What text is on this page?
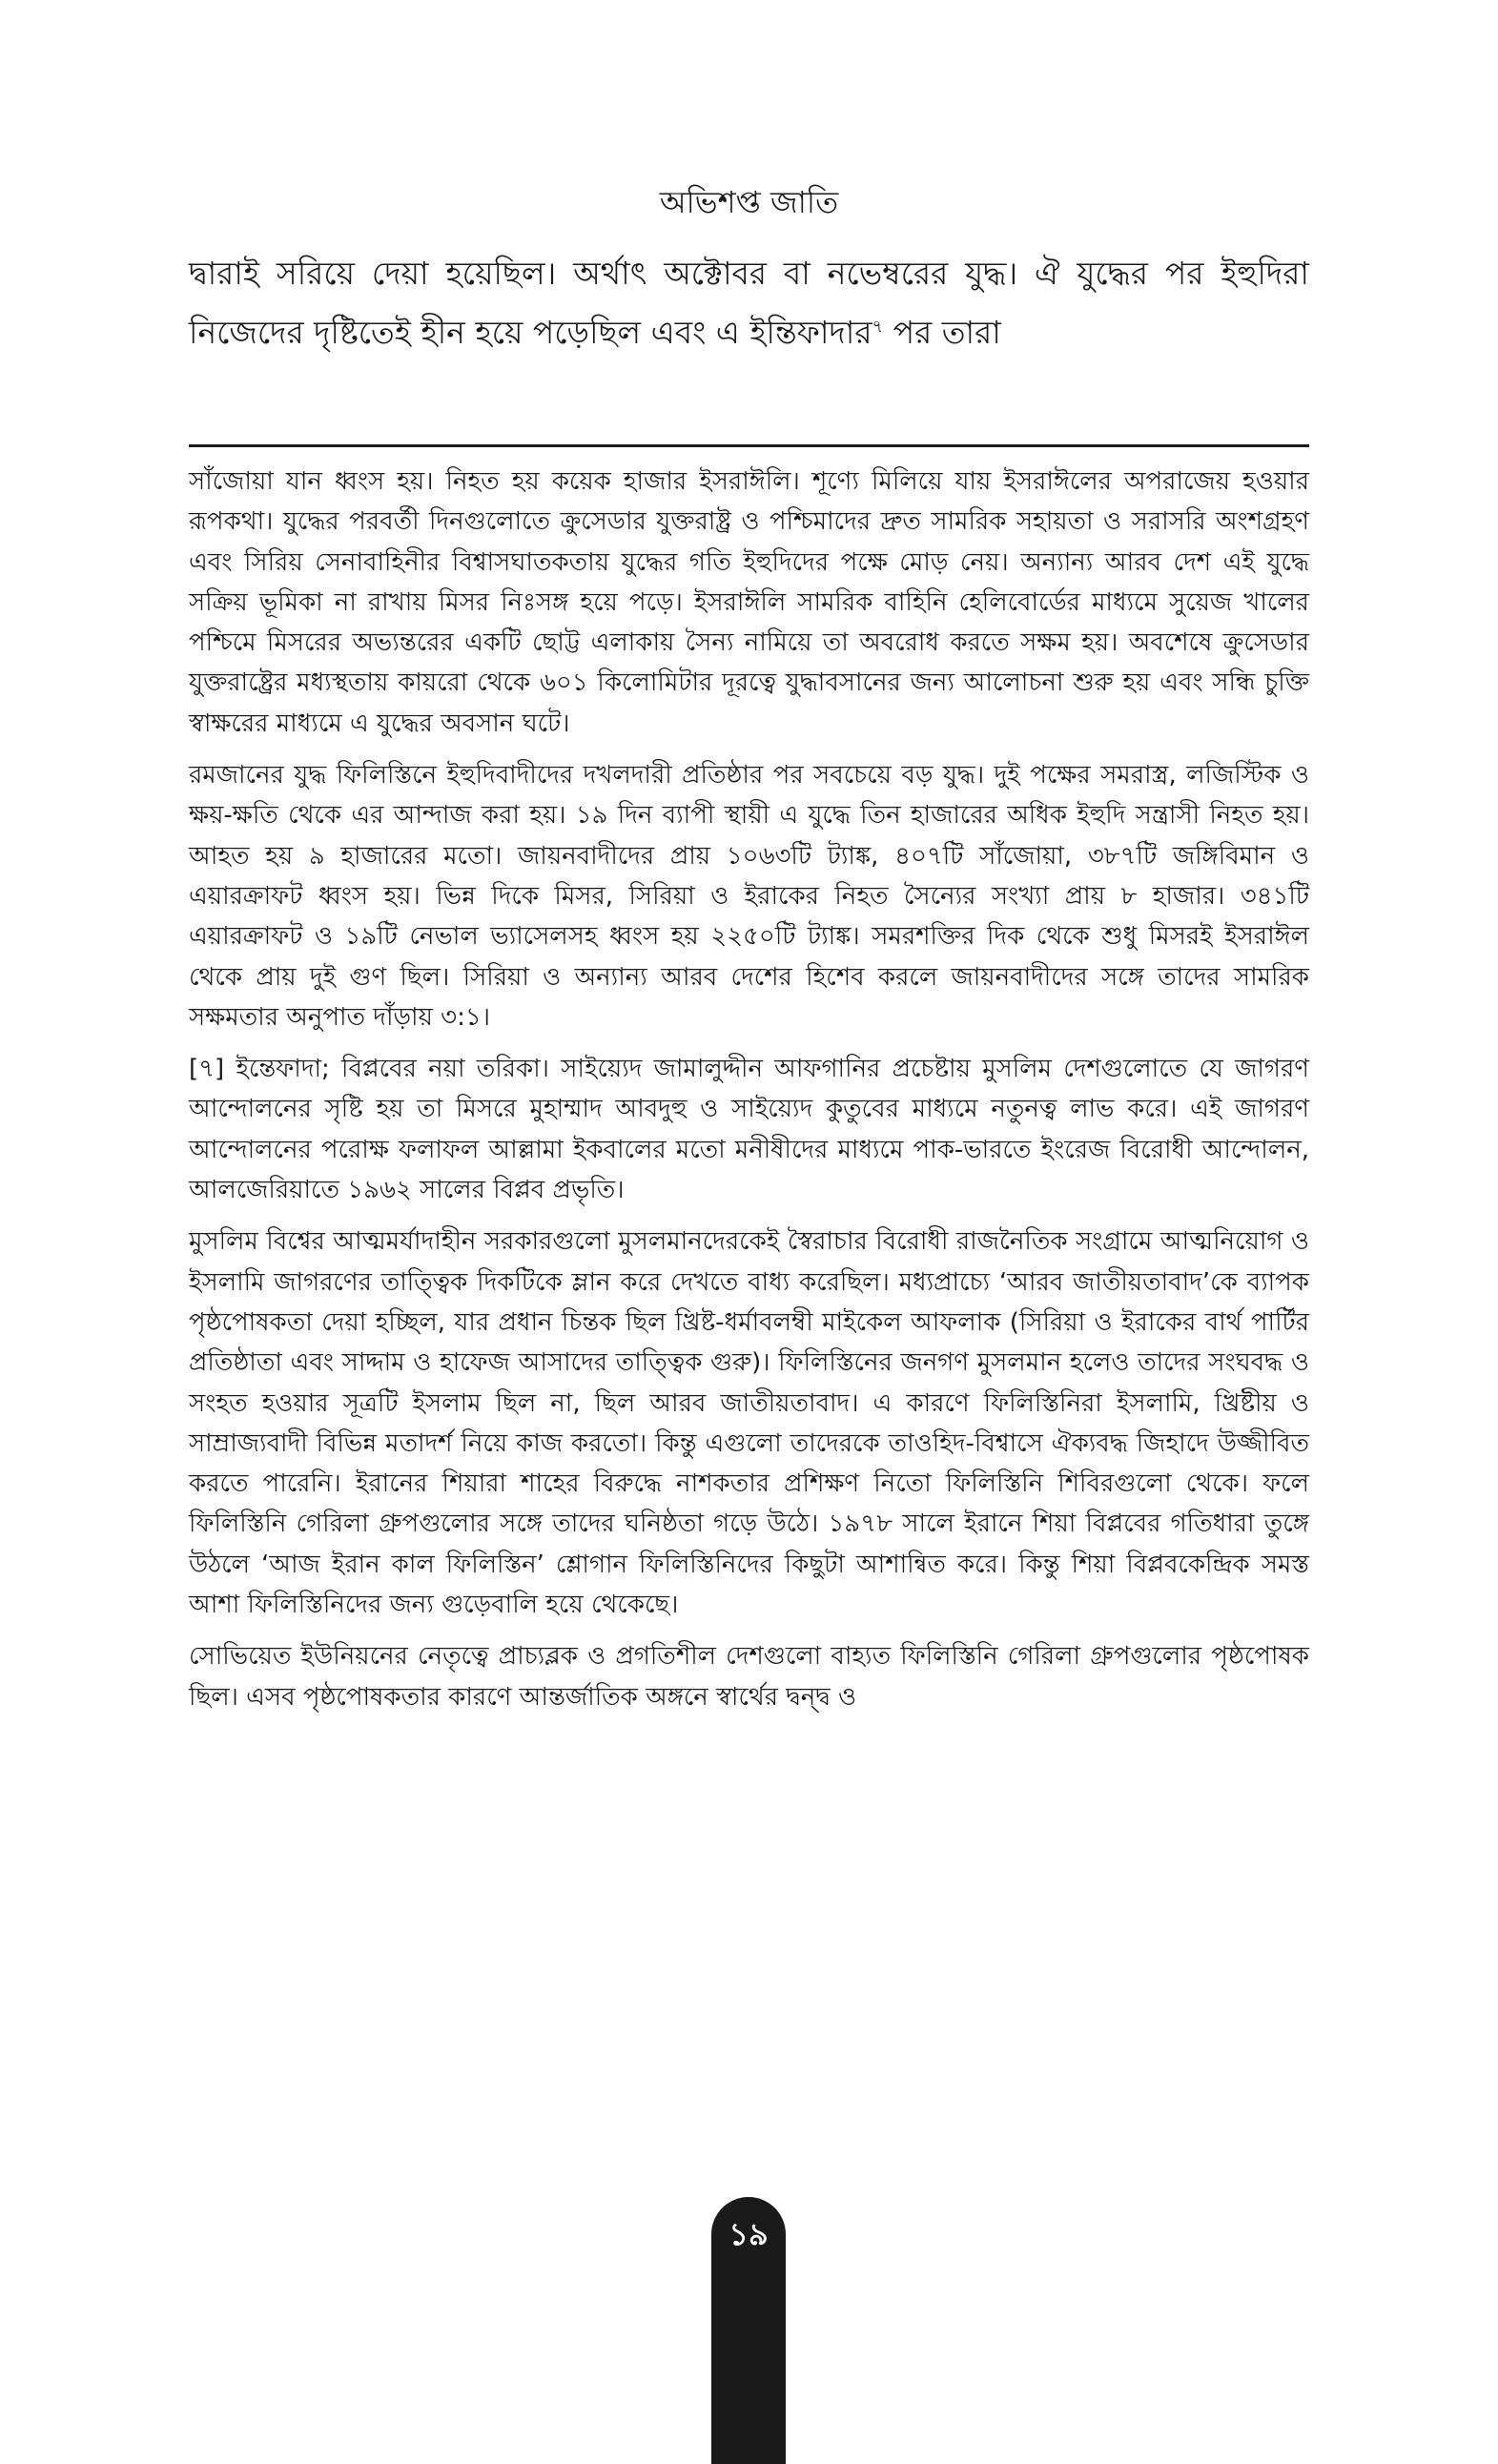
অভিশপ্ত জাতি

দ্বারাই সরিয়ে দেয়া হয়েছিল। অর্থাৎ অক্টোবর বা নভেম্বরের যুদ্ধ। ঐ যুদ্ধের পর ইহুদিরা নিজেদের দৃষ্টিতেই হীন হয়ে পড়েছিল এবং এ ইন্তিফাদার$^৭$ পর তারা

সাঁজোয়া যান ধ্বংস হয়। নিহত হয় কয়েক হাজার ইসরাঈলি। শূণ্যে মিলিয়ে যায় ইসরাঈলের অপরাজেয় হওয়ার রূপকথা। যুদ্ধের পরবর্তী দিনগুলোতে ক্রুসেডার যুক্তরাষ্ট্র ও পশ্চিমাদের দ্রুত সামরিক সহায়তা ও সরাসরি অংশগ্রহণ এবং সিরিয় সেনাবাহিনীর বিশ্বাসঘাতকতায় যুদ্ধের গতি ইহুদিদের পক্ষে মোড় নেয়। অন্যান্য আরব দেশ এই যুদ্ধে সক্রিয় ভূমিকা না রাখায় মিসর নিঃসঙ্গ হয়ে পড়ে। ইসরাঈলি সামরিক বাহিনি হেলিবোর্ডের মাধ্যমে সুয়েজ খালের পশ্চিমে মিসরের অভ্যন্তরের একটি ছোট্ট এলাকায় সৈন্য নামিয়ে তা অবরোধ করতে সক্ষম হয়। অবশেষে ক্রুসেডার যুক্তরাষ্ট্রের মধ্যস্থতায় কায়রো থেকে ৬০১ কিলোমিটার দূরত্বে যুদ্ধাবসানের জন্য আলোচনা শুরু হয় এবং সন্ধি চুক্তি স্বাক্ষরের মাধ্যমে এ যুদ্ধের অবসান ঘটে।

রমজানের যুদ্ধ ফিলিস্তিনে ইহুদিবাদীদের দখলদারী প্রতিষ্ঠার পর সবচেয়ে বড় যুদ্ধ। দুই পক্ষের সমরাস্ত্র, লজিস্টিক ও ক্ষয়-ক্ষতি থেকে এর আন্দাজ করা হয়। ১৯ দিন ব্যাপী স্থায়ী এ যুদ্ধে তিন হাজারের অধিক ইহুদি সন্ত্রাসী নিহত হয়। আহত হয় ৯ হাজারের মতো। জায়নবাদীদের প্রায় ১০৬৩টি ট্যাঙ্ক, ৪০৭টি সাঁজোয়া, ৩৮৭টি জঙ্গিবিমান ও এয়ারক্রাফট ধ্বংস হয়। ভিন্ন দিকে মিসর, সিরিয়া ও ইরাকের নিহত সৈন্যের সংখ্যা প্রায় ৮ হাজার। ৩৪১টি এয়ারক্রাফট ও ১৯টি নেভাল ভ্যাসেলসহ ধ্বংস হয় ২২৫০টি ট্যাঙ্ক। সমরশক্তির দিক থেকে শুধু মিসরই ইসরাঈল থেকে প্রায় দুই গুণ ছিল। সিরিয়া ও অন্যান্য আরব দেশের হিশেব করলে জায়নবাদীদের সঙ্গে তাদের সামরিক সক্ষমতার অনুপাত দাঁড়ায় ৩:১।

[৭] ইন্তেফাদা; বিপ্লবের নয়া তরিকা। সাইয়্যেদ জামালুদ্দীন আফগানির প্রচেষ্টায় মুসলিম দেশগুলোতে যে জাগরণ আন্দোলনের সৃষ্টি হয় তা মিসরে মুহাম্মাদ আবদুহু ও সাইয়্যেদ কুতুবের মাধ্যমে নতুনত্ব লাভ করে। এই জাগরণ আন্দোলনের পরোক্ষ ফলাফল আল্লামা ইকবালের মতো মনীষীদের মাধ্যমে পাক-ভারতে ইংরেজ বিরোধী আন্দোলন, আলজেরিয়াতে ১৯৬২ সালের বিপ্লব প্রভৃতি।

মুসলিম বিশ্বের আত্মমর্যাদাহীন সরকারগুলো মুসলমানদেরকেই স্বৈরাচার বিরোধী রাজনৈতিক সংগ্রামে আত্মনিয়োগ ও ইসলামি জাগরণের তাত্ত্বিক দিকটিকে ম্লান করে দেখতে বাধ্য করেছিল। মধ্যপ্রাচ্যে ‘আরব জাতীয়তাবাদ’কে ব্যাপক পৃষ্ঠপোষকতা দেয়া হচ্ছিল, যার প্রধান চিন্তক ছিল খ্রিষ্ট-ধর্মাবলম্বী মাইকেল আফলাক (সিরিয়া ও ইরাকের বার্থ পার্টির প্রতিষ্ঠাতা এবং সাদ্দাম ও হাফেজ আসাদের তাত্ত্বিক গুরু)। ফিলিস্তিনের জনগণ মুসলমান হলেও তাদের সংঘবদ্ধ ও সংহত হওয়ার সূত্রটি ইসলাম ছিল না, ছিল আরব জাতীয়তাবাদ। এ কারণে ফিলিস্তিনিরা ইসলামি, খ্রিষ্টীয় ও সাম্রাজ্যবাদী বিভিন্ন মতাদর্শ নিয়ে কাজ করতো। কিন্তু এগুলো তাদেরকে তাওহিদ-বিশ্বাসে ঐক্যবদ্ধ জিহাদে উজ্জীবিত করতে পারেনি। ইরানের শিয়ারা শাহের বিরুদ্ধে নাশকতার প্রশিক্ষণ নিতো ফিলিস্তিনি শিবিরগুলো থেকে। ফলে ফিলিস্তিনি গেরিলা গ্রুপগুলোর সঙ্গে তাদের ঘনিষ্ঠতা গড়ে উঠে। ১৯৭৮ সালে ইরানে শিয়া বিপ্লবের গতিধারা তুঙ্গে উঠলে ‘আজ ইরান কাল ফিলিস্তিন’ শ্লোগান ফিলিস্তিনিদের কিছুটা আশান্বিত করে। কিন্তু শিয়া বিপ্লবকেন্দ্রিক সমস্ত আশা ফিলিস্তিনিদের জন্য গুড়েবালি হয়ে থেকেছে।

সোভিয়েত ইউনিয়নের নেতৃত্বে প্রাচ্যব্লক ও প্রগতিশীল দেশগুলো বাহ্যত ফিলিস্তিনি গেরিলা গ্রুপগুলোর পৃষ্ঠপোষক ছিল। এসব পৃষ্ঠপোষকতার কারণে আন্তর্জাতিক অঙ্গনে স্বার্থের দ্বন্দ্ব ও

১৯
